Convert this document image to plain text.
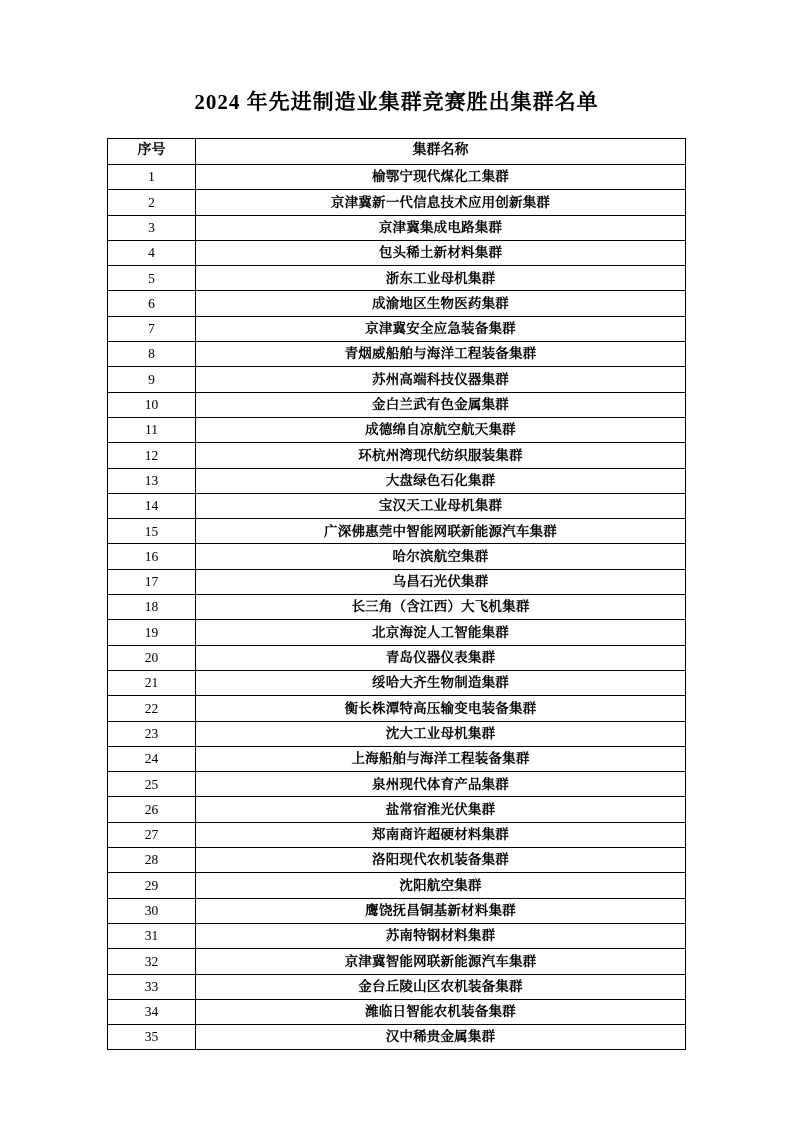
2024 年先进制造业集群竞赛胜出集群名单
序号	集群名称
1	榆鄂宁现代煤化工集群
2	京津冀新一代信息技术应用创新集群
3	京津冀集成电路集群
4	包头稀土新材料集群
5	浙东工业母机集群
6	成渝地区生物医药集群
7	京津冀安全应急装备集群
8	青烟威船舶与海洋工程装备集群
9	苏州高端科技仪器集群
10	金白兰武有色金属集群
11	成德绵自凉航空航天集群
12	环杭州湾现代纺织服装集群
13	大盘绿色石化集群
14	宝汉天工业母机集群
15	广深佛惠莞中智能网联新能源汽车集群
16	哈尔滨航空集群
17	乌昌石光伏集群
18	长三角（含江西）大飞机集群
19	北京海淀人工智能集群
20	青岛仪器仪表集群
21	绥哈大齐生物制造集群
22	衡长株潭特高压输变电装备集群
23	沈大工业母机集群
24	上海船舶与海洋工程装备集群
25	泉州现代体育产品集群
26	盐常宿淮光伏集群
27	郑南商许超硬材料集群
28	洛阳现代农机装备集群
29	沈阳航空集群
30	鹰饶抚昌铜基新材料集群
31	苏南特钢材料集群
32	京津冀智能网联新能源汽车集群
33	金台丘陵山区农机装备集群
34	潍临日智能农机装备集群
35	汉中稀贵金属集群
